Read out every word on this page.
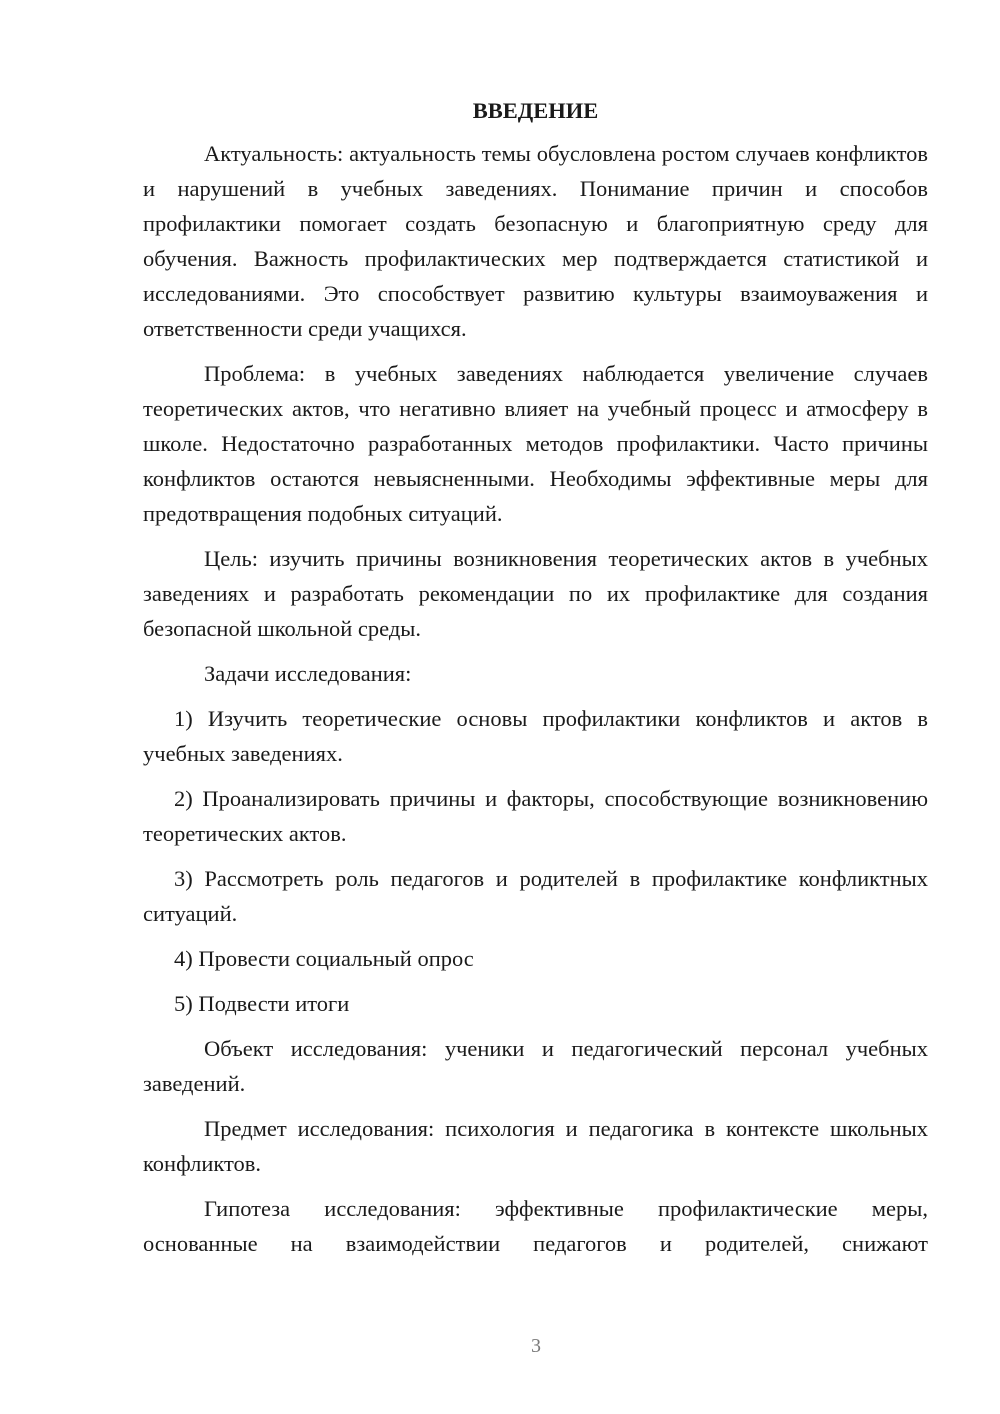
ВВЕДЕНИЕ

Актуальность: актуальность темы обусловлена ростом случаев конфликтов и нарушений в учебных заведениях. Понимание причин и способов профилактики помогает создать безопасную и благоприятную среду для обучения. Важность профилактических мер подтверждается статистикой и исследованиями. Это способствует развитию культуры взаимоуважения и ответственности среди учащихся.

Проблема: в учебных заведениях наблюдается увеличение случаев теоретических актов, что негативно влияет на учебный процесс и атмосферу в школе. Недостаточно разработанных методов профилактики. Часто причины конфликтов остаются невыясненными. Необходимы эффективные меры для предотвращения подобных ситуаций.

Цель: изучить причины возникновения теоретических актов в учебных заведениях и разработать рекомендации по их профилактике для создания безопасной школьной среды.

Задачи исследования:

1) Изучить теоретические основы профилактики конфликтов и актов в учебных заведениях.

2) Проанализировать причины и факторы, способствующие возникновению теоретических актов.

3) Рассмотреть роль педагогов и родителей в профилактике конфликтных ситуаций.

4) Провести социальный опрос

5) Подвести итоги

Объект исследования: ученики и педагогический персонал учебных заведений.

Предмет исследования: психология и педагогика в контексте школьных конфликтов.

Гипотеза исследования: эффективные профилактические меры, основанные на взаимодействии педагогов и родителей, снижают

3
